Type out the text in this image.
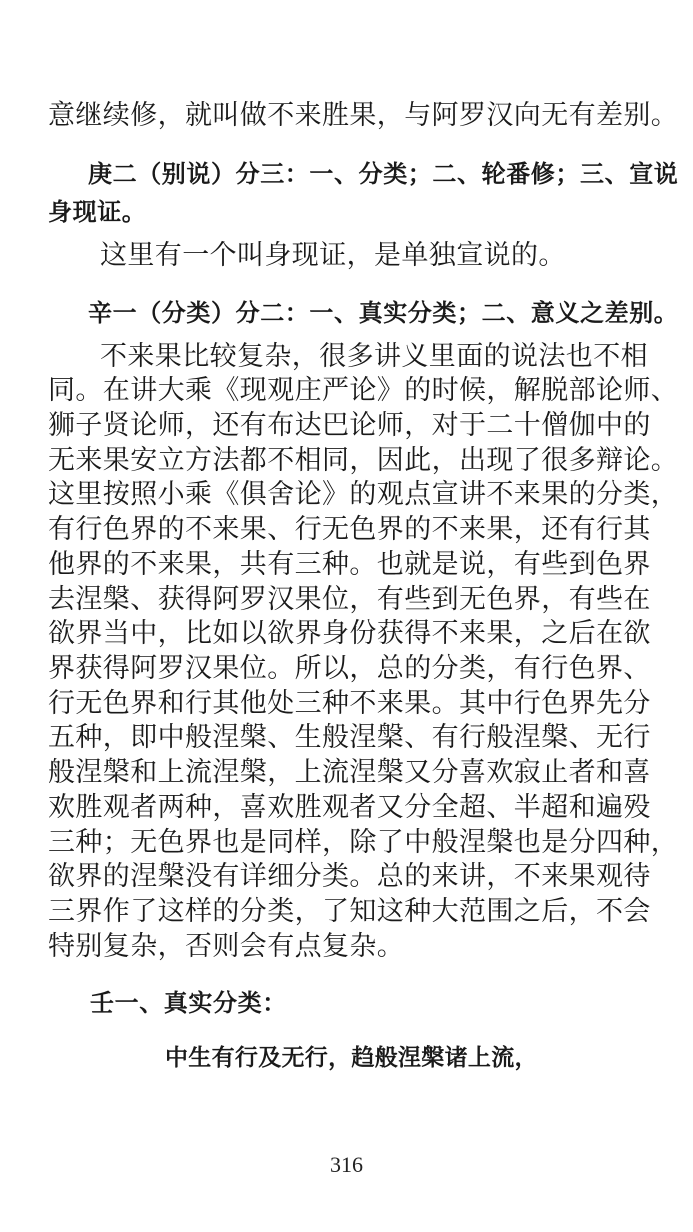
意继续修，就叫做不来胜果，与阿罗汉向无有差别。
庚二（别说）分三：一、分类；二、轮番修；三、宣说
身现证。
这里有一个叫身现证，是单独宣说的。
辛一（分类）分二：一、真实分类；二、意义之差别。
不来果比较复杂，很多讲义里面的说法也不相
同。在讲大乘《现观庄严论》的时候，解脱部论师、
狮子贤论师，还有布达巴论师，对于二十僧伽中的
无来果安立方法都不相同，因此，出现了很多辩论。
这里按照小乘《俱舍论》的观点宣讲不来果的分类，
有行色界的不来果、行无色界的不来果，还有行其
他界的不来果，共有三种。也就是说，有些到色界
去涅槃、获得阿罗汉果位，有些到无色界，有些在
欲界当中，比如以欲界身份获得不来果，之后在欲
界获得阿罗汉果位。所以，总的分类，有行色界、
行无色界和行其他处三种不来果。其中行色界先分
五种，即中般涅槃、生般涅槃、有行般涅槃、无行
般涅槃和上流涅槃，上流涅槃又分喜欢寂止者和喜
欢胜观者两种，喜欢胜观者又分全超、半超和遍殁
三种；无色界也是同样，除了中般涅槃也是分四种，
欲界的涅槃没有详细分类。总的来讲，不来果观待
三界作了这样的分类，了知这种大范围之后，不会
特别复杂，否则会有点复杂。
壬一、真实分类：
中生有行及无行，趋般涅槃诸上流，
316
